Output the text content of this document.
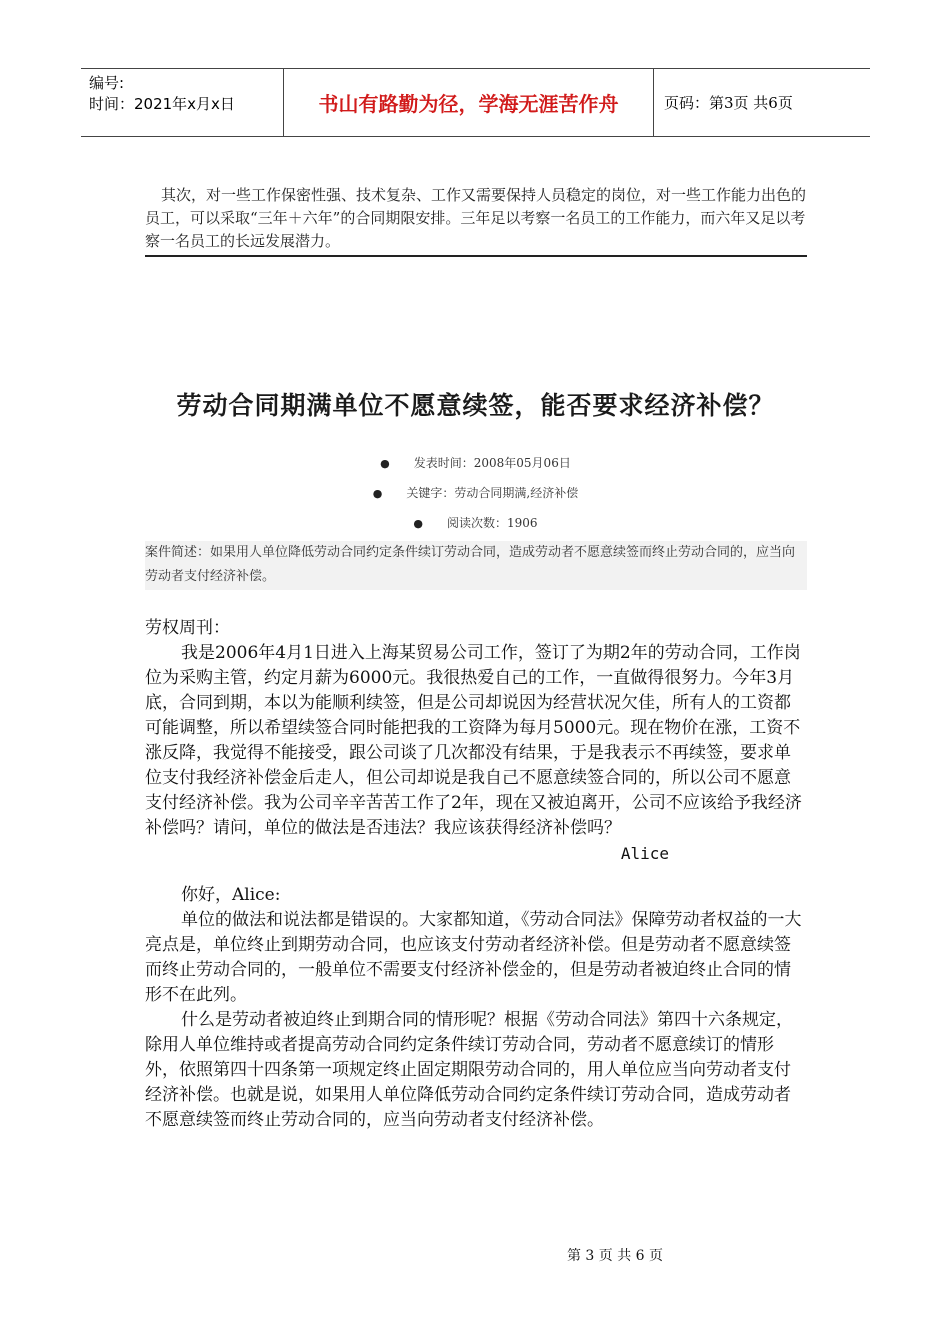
编号:
时间：2021年x月x日	书山有路勤为径，学海无涯苦作舟	页码：第3页 共6页

其次，对一些工作保密性强、技术复杂、工作又需要保持人员稳定的岗位，对一些工作能力出色的员工，可以采取“三年＋六年”的合同期限安排。三年足以考察一名员工的工作能力，而六年又足以考察一名员工的长远发展潜力。

劳动合同期满单位不愿意续签，能否要求经济补偿？
● 发表时间：2008年05月06日
● 关键字：劳动合同期满,经济补偿
● 阅读次数：1906
案件简述：如果用人单位降低劳动合同约定条件续订劳动合同，造成劳动者不愿意续签而终止劳动合同的，应当向劳动者支付经济补偿。

劳权周刊：

我是2006年4月1日进入上海某贸易公司工作，签订了为期2年的劳动合同，工作岗位为采购主管，约定月薪为6000元。我很热爱自己的工作，一直做得很努力。今年3月底，合同到期，本以为能顺利续签，但是公司却说因为经营状况欠佳，所有人的工资都可能调整，所以希望续签合同时能把我的工资降为每月5000元。现在物价在涨，工资不涨反降，我觉得不能接受，跟公司谈了几次都没有结果，于是我表示不再续签，要求单位支付我经济补偿金后走人，但公司却说是我自己不愿意续签合同的，所以公司不愿意支付经济补偿。我为公司辛辛苦苦工作了2年，现在又被迫离开，公司不应该给予我经济补偿吗？请问，单位的做法是否违法？我应该获得经济补偿吗？

Alice

你好，Alice:

单位的做法和说法都是错误的。大家都知道，《劳动合同法》保障劳动者权益的一大亮点是，单位终止到期劳动合同，也应该支付劳动者经济补偿。但是劳动者不愿意续签而终止劳动合同的，一般单位不需要支付经济补偿金的，但是劳动者被迫终止合同的情形不在此列。

什么是劳动者被迫终止到期合同的情形呢？根据《劳动合同法》第四十六条规定，除用人单位维持或者提高劳动合同约定条件续订劳动合同，劳动者不愿意续订的情形外，依照第四十四条第一项规定终止固定期限劳动合同的，用人单位应当向劳动者支付经济补偿。也就是说，如果用人单位降低劳动合同约定条件续订劳动合同，造成劳动者不愿意续签而终止劳动合同的，应当向劳动者支付经济补偿。

第 3 页 共 6 页
